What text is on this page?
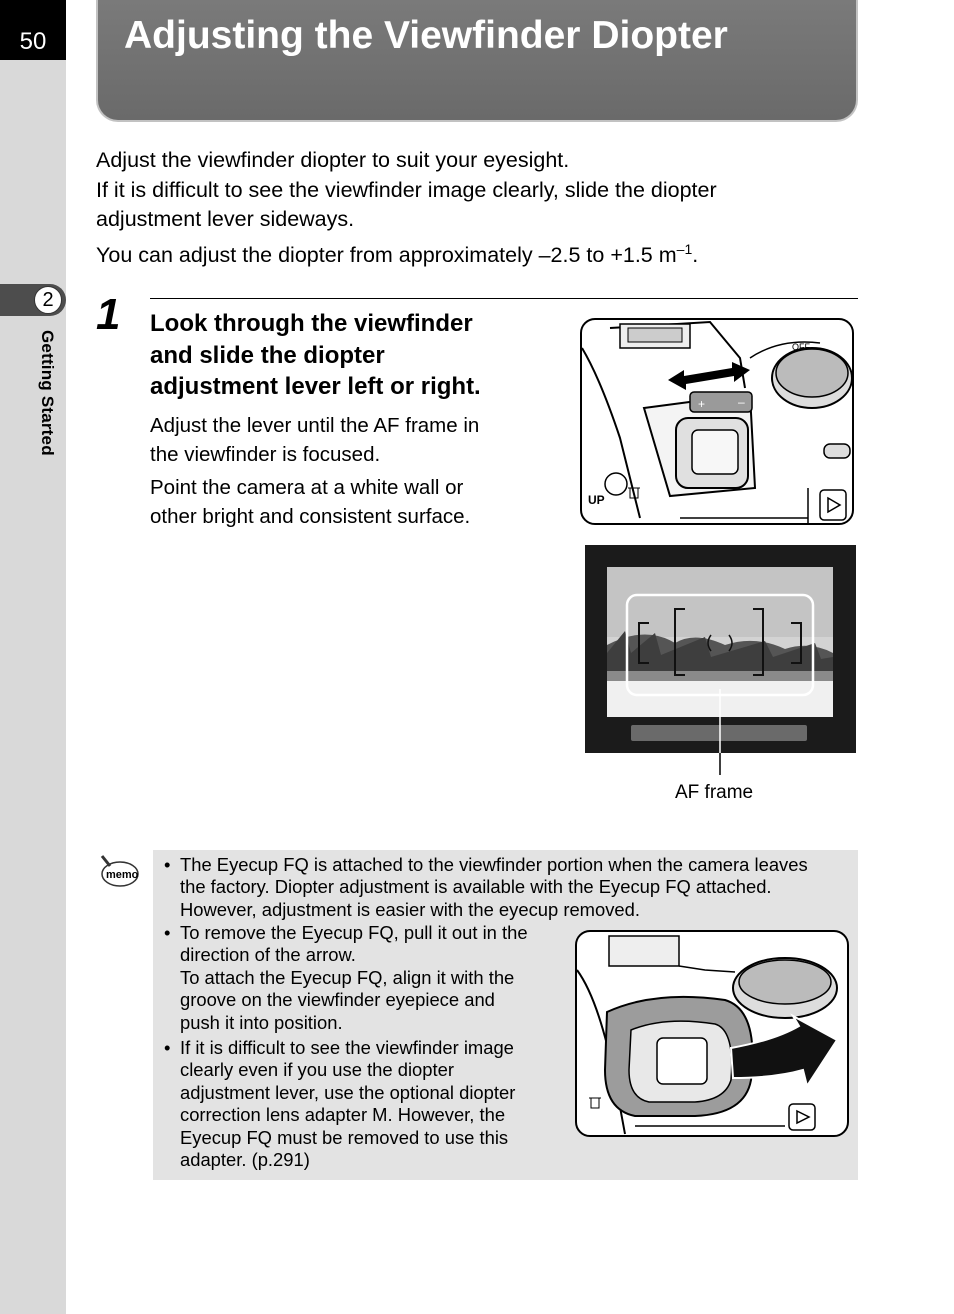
50
2
Getting Started
Adjusting the Viewfinder Diopter

Adjust the viewfinder diopter to suit your eyesight.

If it is difficult to see the viewfinder image clearly, slide the diopter

adjustment lever sideways.

You can adjust the diopter from approximately –2.5 to +1.5 $m^{-1}$.

1 Look through the viewfinder
and slide the diopter
adjustment lever left or right.
Adjust the lever until the AF frame in
the viewfinder is focused.
Point the camera at a white wall or
other bright and consistent surface.
OFF
+	–
UP
AF frame
memo • The Eyecup FQ is attached to the viewfinder portion when the camera leaves

the factory. Diopter adjustment is available with the Eyecup FQ attached.

However, adjustment is easier with the eyecup removed.

• To remove the Eyecup FQ, pull it out in the

direction of the arrow.

To attach the Eyecup FQ, align it with the

groove on the viewfinder eyepiece and

push it into position.

• If it is difficult to see the viewfinder image

clearly even if you use the diopter

adjustment lever, use the optional diopter

correction lens adapter M. However, the

Eyecup FQ must be removed to use this

adapter. (p.291)
